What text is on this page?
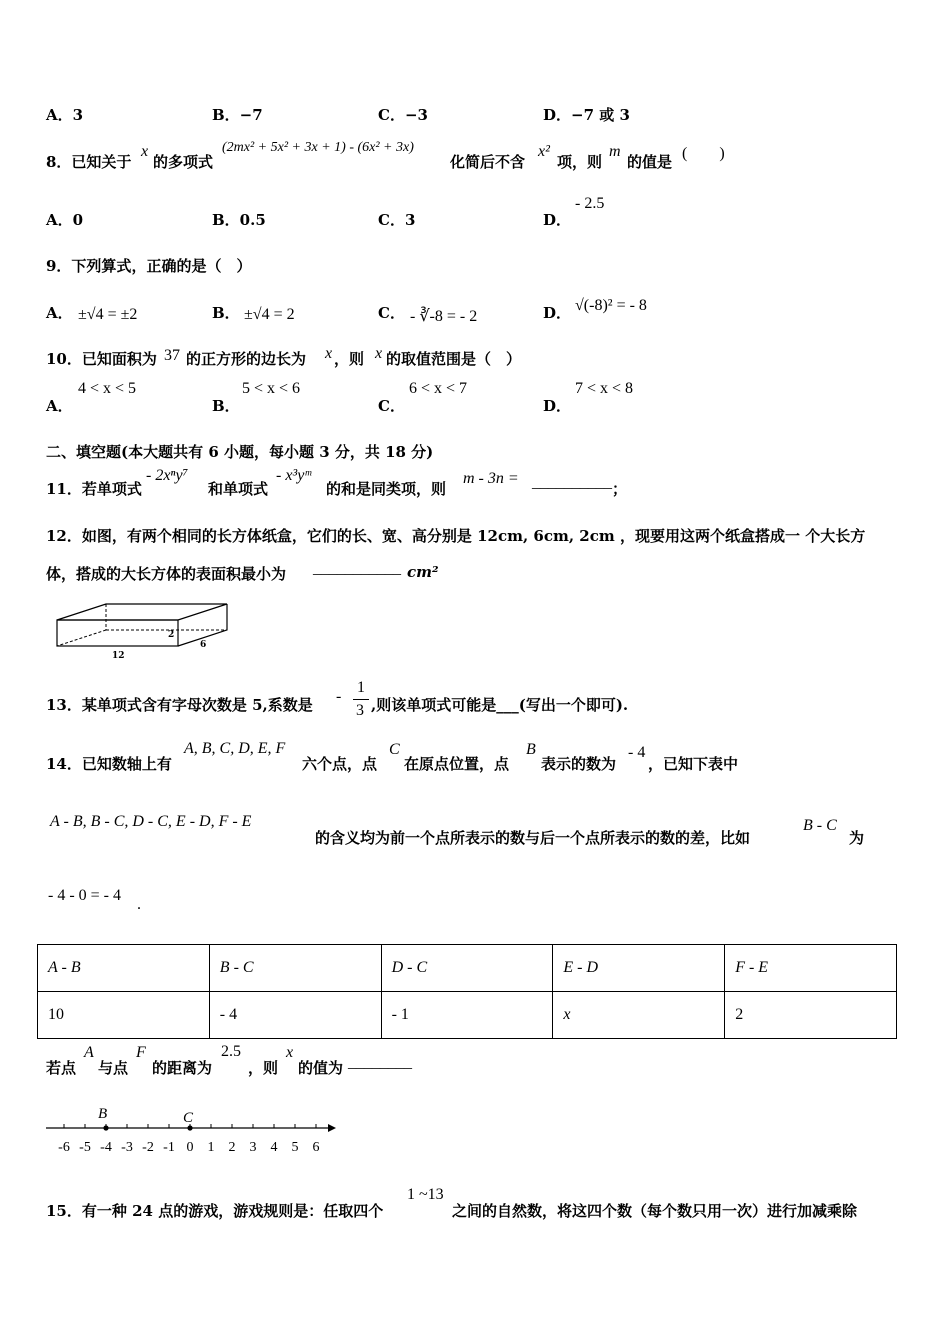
A．3	B．−7	C．−3	D．−7 或 3
8．已知关于
x
的多项式
(2mx² + 5x² + 3x + 1) - (6x² + 3x)
化简后不含
x²
项，则
m
的值是 (　　)
A．0	B．0.5	C．3	D．
- 2.5
9．下列算式，正确的是（　）
A． ±√4 = ±2	B． ±√4 = 2	C． - ∛-8 = - 2	D． √(-8)² = - 8
10．已知面积为 37 的正方形的边长为 x ，则 x 的取值范围是（　）
A．
4 < x < 5
B．
5 < x < 6
C．
6 < x < 7
D．
7 < x < 8
二、填空题(本大题共有 6 小题，每小题 3 分，共 18 分)
11．若单项式
- 2xⁿy⁷
和单项式
- x³yᵐ
的和是同类项，则
m - 3n = __________ ；
12．如图，有两个相同的长方体纸盒，它们的长、宽、高分别是 12cm, 6cm, 2cm ，现要用这两个纸盒搭成一 个大长方
体，搭成的大长方体的表面积最小为 ___________ cm²
2
6
12
13．某单项式含有字母次数是 5,系数是 -
1
3 ,则该单项式可能是___(写出一个即可).
14．已知数轴上有
A, B, C, D, E, F
六个点，点
C
在原点位置，点
B
表示的数为
- 4
，已知下表中
A - B, B - C, D - C, E - D, F - E
的含义均为前一个点所表示的数与后一个点所表示的数的差，比如
B - C
为
- 4 - 0 = - 4
.
A - B	B - C	D - C	E - D	F - E
10	- 4	- 1	x	2
若点
A
与点
F
的距离为
2.5
，则
x
的值为 ________
B	C
-6 -5 -4 -3 -2 -1 0 1 2 3 4 5 6
15．有一种 24 点的游戏，游戏规则是：任取四个
1 ~13
之间的自然数，将这四个数（每个数只用一次）进行加减乘除
